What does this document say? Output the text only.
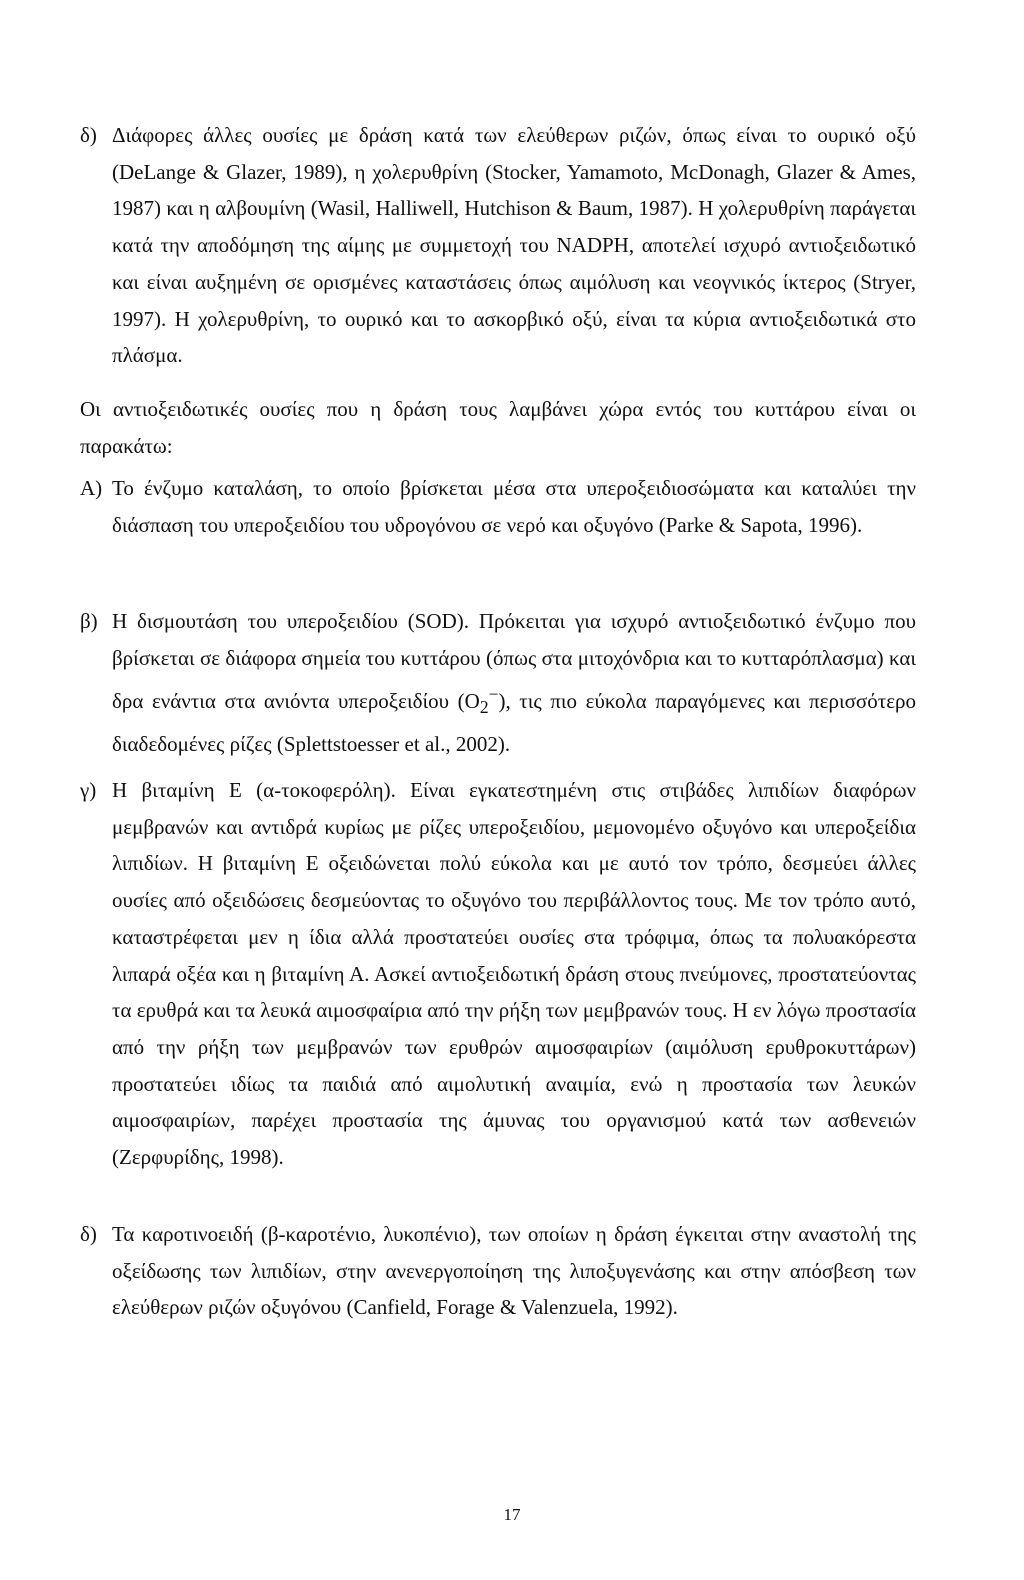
δ) Διάφορες άλλες ουσίες με δράση κατά των ελεύθερων ριζών, όπως είναι το ουρικό οξύ (DeLange & Glazer, 1989), η χολερυθρίνη (Stocker, Yamamoto, McDonagh, Glazer & Ames, 1987) και η αλβουμίνη (Wasil, Halliwell, Hutchison & Baum, 1987). Η χολερυθρίνη παράγεται κατά την αποδόμηση της αίμης με συμμετοχή του NADPH, αποτελεί ισχυρό αντιοξειδωτικό και είναι αυξημένη σε ορισμένες καταστάσεις όπως αιμόλυση και νεογνικός ίκτερος (Stryer, 1997). Η χολερυθρίνη, το ουρικό και το ασκορβικό οξύ, είναι τα κύρια αντιοξειδωτικά στο πλάσμα.

Οι αντιοξειδωτικές ουσίες που η δράση τους λαμβάνει χώρα εντός του κυττάρου είναι οι παρακάτω:

Α) Το ένζυμο καταλάση, το οποίο βρίσκεται μέσα στα υπεροξειδιοσώματα και καταλύει την διάσπαση του υπεροξειδίου του υδρογόνου σε νερό και οξυγόνο (Parke & Sapota, 1996).

β) Η δισμουτάση του υπεροξειδίου (SOD). Πρόκειται για ισχυρό αντιοξειδωτικό ένζυμο που βρίσκεται σε διάφορα σημεία του κυττάρου (όπως στα μιτοχόνδρια και το κυτταρόπλασμα) και δρα ενάντια στα ανιόντα υπεροξειδίου $(O_2^-)$, τις πιο εύκολα παραγόμενες και περισσότερο διαδεδομένες ρίζες (Splettstoesser et al., 2002).

γ) Η βιταμίνη Ε (α-τοκοφερόλη). Είναι εγκατεστημένη στις στιβάδες λιπιδίων διαφόρων μεμβρανών και αντιδρά κυρίως με ρίζες υπεροξειδίου, μεμονομένο οξυγόνο και υπεροξείδια λιπιδίων. Η βιταμίνη Ε οξειδώνεται πολύ εύκολα και με αυτό τον τρόπο, δεσμεύει άλλες ουσίες από οξειδώσεις δεσμεύοντας το οξυγόνο του περιβάλλοντος τους. Με τον τρόπο αυτό, καταστρέφεται μεν η ίδια αλλά προστατεύει ουσίες στα τρόφιμα, όπως τα πολυακόρεστα λιπαρά οξέα και η βιταμίνη Α. Ασκεί αντιοξειδωτική δράση στους πνεύμονες, προστατεύοντας τα ερυθρά και τα λευκά αιμοσφαίρια από την ρήξη των μεμβρανών τους. Η εν λόγω προστασία από την ρήξη των μεμβρανών των ερυθρών αιμοσφαιρίων (αιμόλυση ερυθροκυττάρων) προστατεύει ιδίως τα παιδιά από αιμολυτική αναιμία, ενώ η προστασία των λευκών αιμοσφαιρίων, παρέχει προστασία της άμυνας του οργανισμού κατά των ασθενειών (Ζερφυρίδης, 1998).

δ) Τα καροτινοειδή (β-καροτένιο, λυκοπένιο), των οποίων η δράση έγκειται στην αναστολή της οξείδωσης των λιπιδίων, στην ανενεργοποίηση της λιποξυγενάσης και στην απόσβεση των ελεύθερων ριζών οξυγόνου (Canfield, Forage & Valenzuela, 1992).

17
